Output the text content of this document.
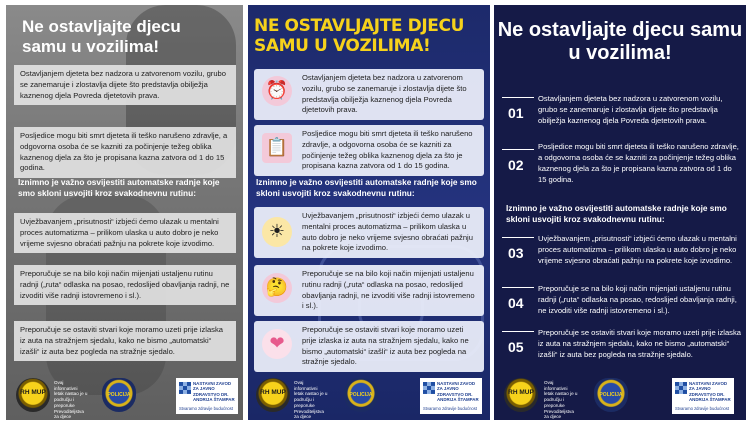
Ne ostavljajte djecu samu u vozilima!
Ostavljanjem djeteta bez nadzora u zatvorenom vozilu, grubo se zanemaruje i zlostavlja dijete što predstavlja obilježja kaznenog djela Povreda djetetovih prava.
Posljedice mogu biti smrt djeteta ili teško narušeno zdravlje, a odgovorna osoba će se kazniti za počinjenje težeg oblika kaznenog djela za što je propisana kazna zatvora od 1 do 15 godina.
Iznimno je važno osvijestiti automatske radnje koje smo skloni usvojiti kroz svakodnevnu rutinu:
Uvježbavanjem „prisutnosti“ izbjeći ćemo ulazak u mentalni proces automatizma – prilikom ulaska u auto dobro je neko vrijeme svjesno obraćati pažnju na pokrete koje izvodimo.
Preporučuje se na bilo koji način mijenjati ustaljenu rutinu radnji („ruta“ odlaska na posao, redoslijed obavljanja radnji, ne izvoditi više radnji istovremeno i sl.).
Preporučuje se ostaviti stvari koje moramo uzeti prije izlaska iz auta na stražnjem sjedalu, kako ne bismo „automatski“ izašli“ iz auta bez pogleda na stražnje sjedalo.
RH MUP
Ovaj informativni letak nastao je u području i preporuke Prevoditeljstva za djece
POLICIJA
NASTAVNI ZAVOD ZA JAVNO ZDRAVSTVO DR. ANDRIJA ŠTAMPAR
Stvaramo zdravije budućnost
NE OSTAVLJAJTE DJECU SAMU U VOZILIMA!
⏰
Ostavljanjem djeteta bez nadzora u zatvorenom vozilu, grubo se zanemaruje i zlostavlja dijete što predstavlja obilježja kaznenog djela Povreda djetetovih prava.
📋
Posljedice mogu biti smrt djeteta ili teško narušeno zdravlje, a odgovorna osoba će se kazniti za počinjenje težeg oblika kaznenog djela za što je propisana kazna zatvora od 1 do 15 godina.
Iznimno je važno osvijestiti automatske radnje koje smo skloni usvojiti kroz svakodnevnu rutinu:
☀
Uvježbavanjem „prisutnosti“ izbjeći ćemo ulazak u mentalni proces automatizma – prilikom ulaska u auto dobro je neko vrijeme svjesno obraćati pažnju na pokrete koje izvodimo.
🤔
Preporučuje se na bilo koji način mijenjati ustaljenu rutinu radnji („ruta“ odlaska na posao, redoslijed obavljanja radnji, ne izvoditi više radnji istovremeno i sl.).
❤
Preporučuje se ostaviti stvari koje moramo uzeti prije izlaska iz auta na stražnjem sjedalu, kako ne bismo „automatski“ izašli“ iz auta bez pogleda na stražnje sjedalo.
RH MUP
Ovaj informativni letak nastao je u području i preporuke Prevoditeljstva za djece
POLICIJA
NASTAVNI ZAVOD ZA JAVNO ZDRAVSTVO DR. ANDRIJA ŠTAMPAR
Stvaramo zdravije budućnost
Ne ostavljajte djecu samu u vozilima!
01
Ostavljanjem djeteta bez nadzora u zatvorenom vozilu, grubo se zanemaruje i zlostavlja dijete što predstavlja obilježja kaznenog djela Povreda djetetovih prava.
02
Posljedice mogu biti smrt djeteta ili teško narušeno zdravlje, a odgovorna osoba će se kazniti za počinjenje težeg oblika kaznenog djela za što je propisana kazna zatvora od 1 do 15 godina.
Iznimno je važno osvijestiti automatske radnje koje smo skloni usvojiti kroz svakodnevnu rutinu:
03
Uvježbavanjem „prisutnosti“ izbjeći ćemo ulazak u mentalni proces automatizma – prilikom ulaska u auto dobro je neko vrijeme svjesno obraćati pažnju na pokrete koje izvodimo.
04
Preporučuje se na bilo koji način mijenjati ustaljenu rutinu radnji („ruta“ odlaska na posao, redoslijed obavljanja radnji, ne izvoditi više radnji istovremeno i sl.).
05
Preporučuje se ostaviti stvari koje moramo uzeti prije izlaska iz auta na stražnjem sjedalu, kako ne bismo „automatski“ izašli“ iz auta bez pogleda na stražnje sjedalo.
RH MUP
Ovaj informativni letak nastao je u području i preporuke Prevoditeljstva za djece
POLICIJA
NASTAVNI ZAVOD ZA JAVNO ZDRAVSTVO DR. ANDRIJA ŠTAMPAR
Stvaramo zdravije budućnost
